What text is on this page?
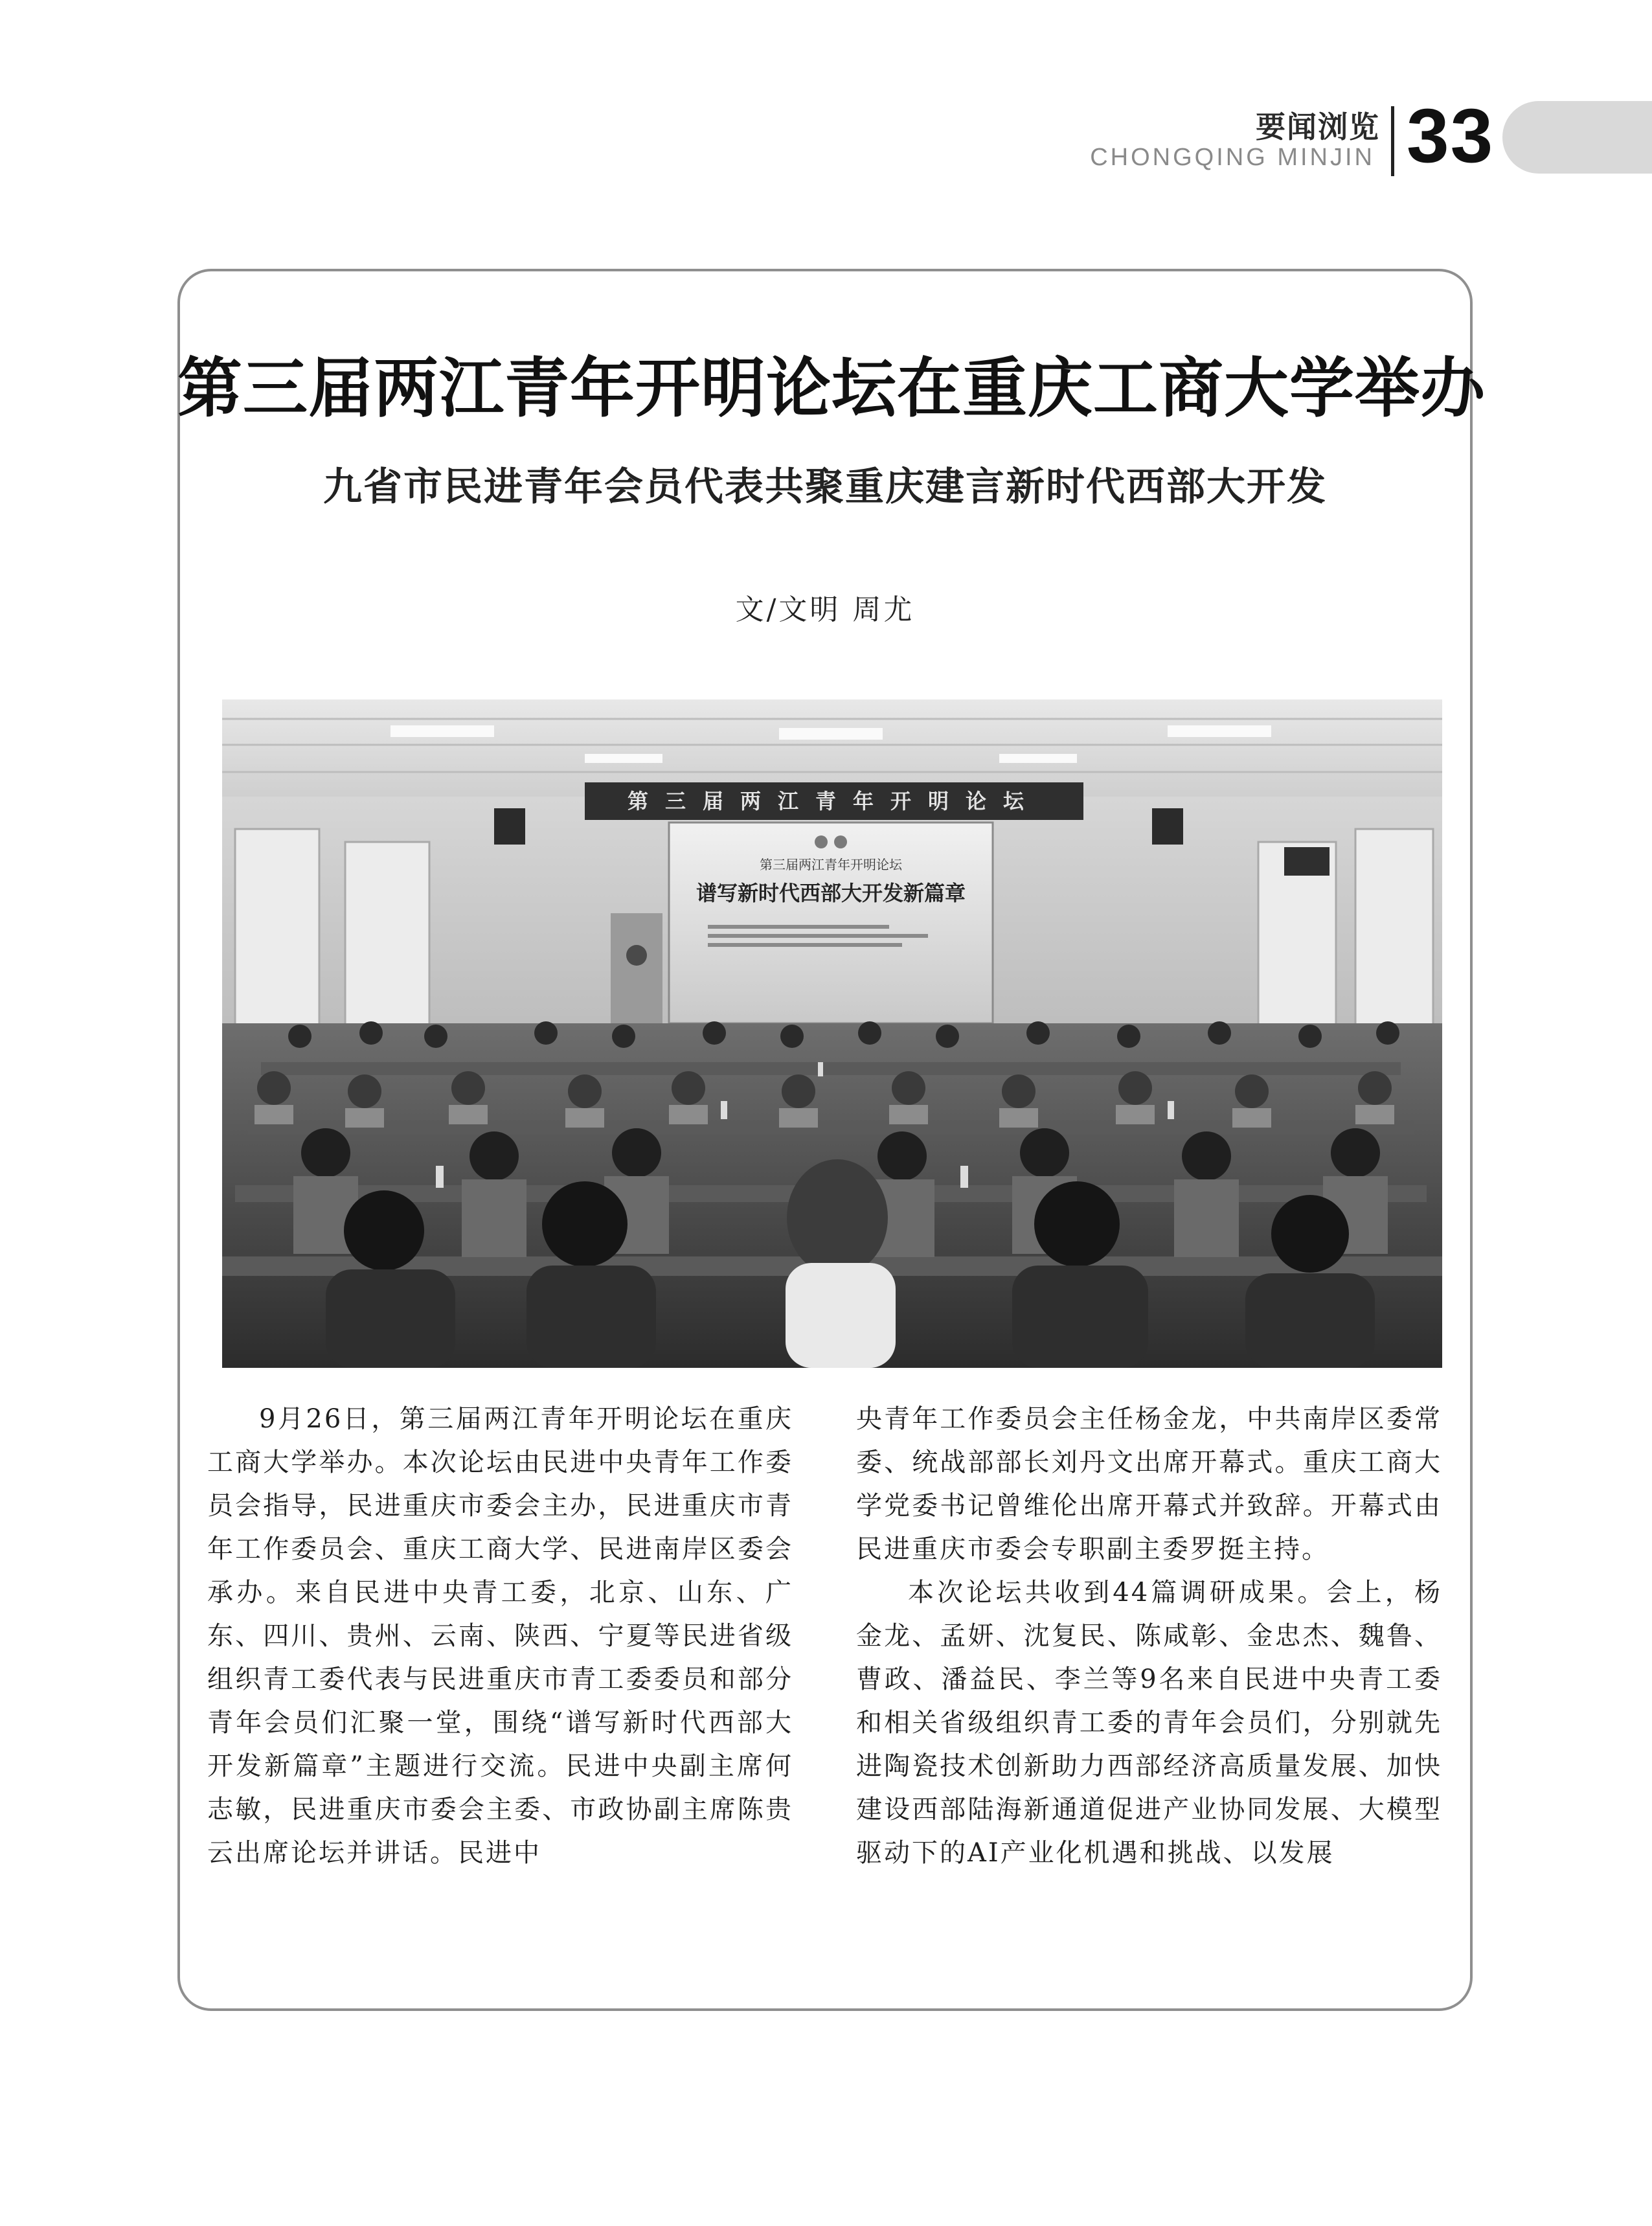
要闻浏览
CHONGQING MINJIN 33
第三届两江青年开明论坛在重庆工商大学举办
九省市民进青年会员代表共聚重庆建言新时代西部大开发
文/文明 周尤
第三届两江青年开明论坛
第三届两江青年开明论坛
谱写新时代西部大开发新篇章

9月26日，第三届两江青年开明论坛在重庆工商大学举办。本次论坛由民进中央青年工作委员会指导，民进重庆市委会主办，民进重庆市青年工作委员会、重庆工商大学、民进南岸区委会承办。来自民进中央青工委，北京、山东、广东、四川、贵州、云南、陕西、宁夏等民进省级组织青工委代表与民进重庆市青工委委员和部分青年会员们汇聚一堂，围绕“谱写新时代西部大开发新篇章”主题进行交流。民进中央副主席何志敏，民进重庆市委会主委、市政协副主席陈贵云出席论坛并讲话。民进中

央青年工作委员会主任杨金龙，中共南岸区委常委、统战部部长刘丹文出席开幕式。重庆工商大学党委书记曾维伦出席开幕式并致辞。开幕式由民进重庆市委会专职副主委罗挺主持。

本次论坛共收到44篇调研成果。会上，杨金龙、孟妍、沈复民、陈咸彰、金忠杰、魏鲁、曹政、潘益民、李兰等9名来自民进中央青工委和相关省级组织青工委的青年会员们，分别就先进陶瓷技术创新助力西部经济高质量发展、加快建设西部陆海新通道促进产业协同发展、大模型驱动下的AI产业化机遇和挑战、以发展
